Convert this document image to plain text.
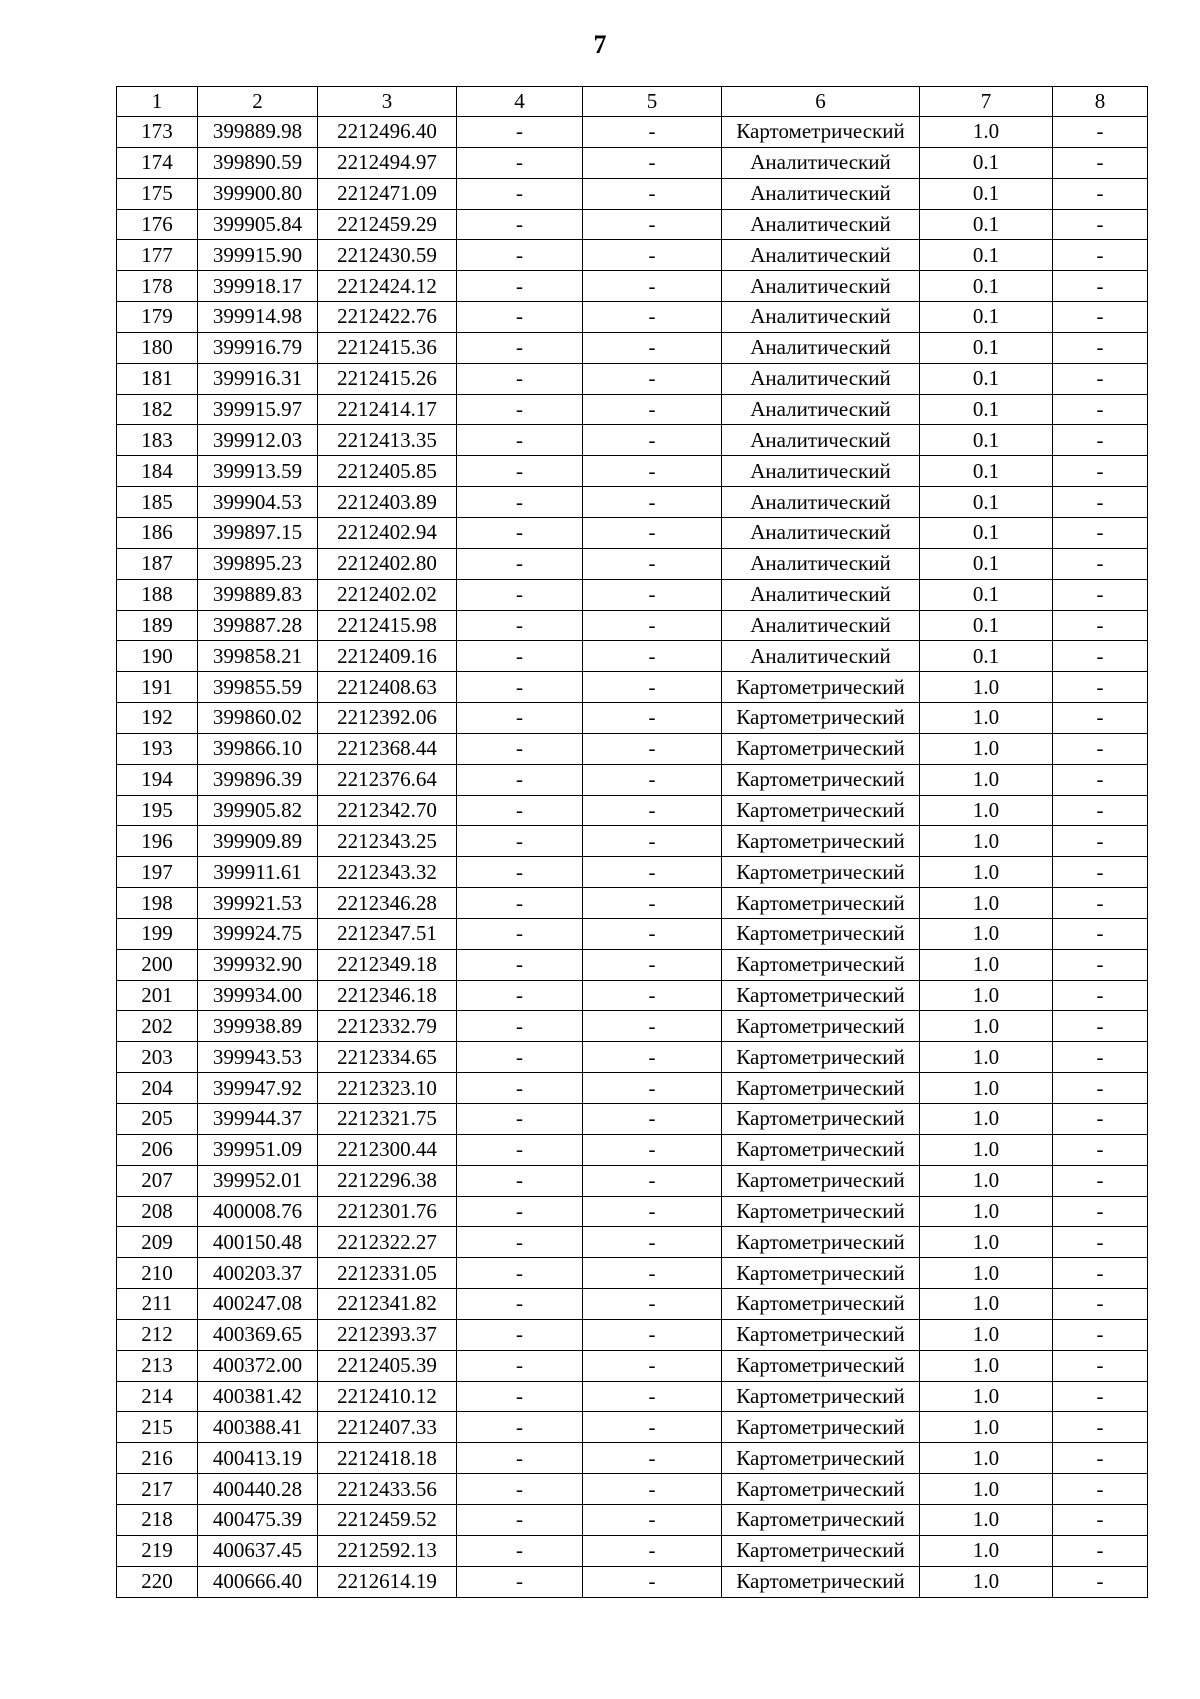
7
1	2	3	4	5	6	7	8
173	399889.98	2212496.40	-	-	Картометрический	1.0	-
174	399890.59	2212494.97	-	-	Аналитический	0.1	-
175	399900.80	2212471.09	-	-	Аналитический	0.1	-
176	399905.84	2212459.29	-	-	Аналитический	0.1	-
177	399915.90	2212430.59	-	-	Аналитический	0.1	-
178	399918.17	2212424.12	-	-	Аналитический	0.1	-
179	399914.98	2212422.76	-	-	Аналитический	0.1	-
180	399916.79	2212415.36	-	-	Аналитический	0.1	-
181	399916.31	2212415.26	-	-	Аналитический	0.1	-
182	399915.97	2212414.17	-	-	Аналитический	0.1	-
183	399912.03	2212413.35	-	-	Аналитический	0.1	-
184	399913.59	2212405.85	-	-	Аналитический	0.1	-
185	399904.53	2212403.89	-	-	Аналитический	0.1	-
186	399897.15	2212402.94	-	-	Аналитический	0.1	-
187	399895.23	2212402.80	-	-	Аналитический	0.1	-
188	399889.83	2212402.02	-	-	Аналитический	0.1	-
189	399887.28	2212415.98	-	-	Аналитический	0.1	-
190	399858.21	2212409.16	-	-	Аналитический	0.1	-
191	399855.59	2212408.63	-	-	Картометрический	1.0	-
192	399860.02	2212392.06	-	-	Картометрический	1.0	-
193	399866.10	2212368.44	-	-	Картометрический	1.0	-
194	399896.39	2212376.64	-	-	Картометрический	1.0	-
195	399905.82	2212342.70	-	-	Картометрический	1.0	-
196	399909.89	2212343.25	-	-	Картометрический	1.0	-
197	399911.61	2212343.32	-	-	Картометрический	1.0	-
198	399921.53	2212346.28	-	-	Картометрический	1.0	-
199	399924.75	2212347.51	-	-	Картометрический	1.0	-
200	399932.90	2212349.18	-	-	Картометрический	1.0	-
201	399934.00	2212346.18	-	-	Картометрический	1.0	-
202	399938.89	2212332.79	-	-	Картометрический	1.0	-
203	399943.53	2212334.65	-	-	Картометрический	1.0	-
204	399947.92	2212323.10	-	-	Картометрический	1.0	-
205	399944.37	2212321.75	-	-	Картометрический	1.0	-
206	399951.09	2212300.44	-	-	Картометрический	1.0	-
207	399952.01	2212296.38	-	-	Картометрический	1.0	-
208	400008.76	2212301.76	-	-	Картометрический	1.0	-
209	400150.48	2212322.27	-	-	Картометрический	1.0	-
210	400203.37	2212331.05	-	-	Картометрический	1.0	-
211	400247.08	2212341.82	-	-	Картометрический	1.0	-
212	400369.65	2212393.37	-	-	Картометрический	1.0	-
213	400372.00	2212405.39	-	-	Картометрический	1.0	-
214	400381.42	2212410.12	-	-	Картометрический	1.0	-
215	400388.41	2212407.33	-	-	Картометрический	1.0	-
216	400413.19	2212418.18	-	-	Картометрический	1.0	-
217	400440.28	2212433.56	-	-	Картометрический	1.0	-
218	400475.39	2212459.52	-	-	Картометрический	1.0	-
219	400637.45	2212592.13	-	-	Картометрический	1.0	-
220	400666.40	2212614.19	-	-	Картометрический	1.0	-
